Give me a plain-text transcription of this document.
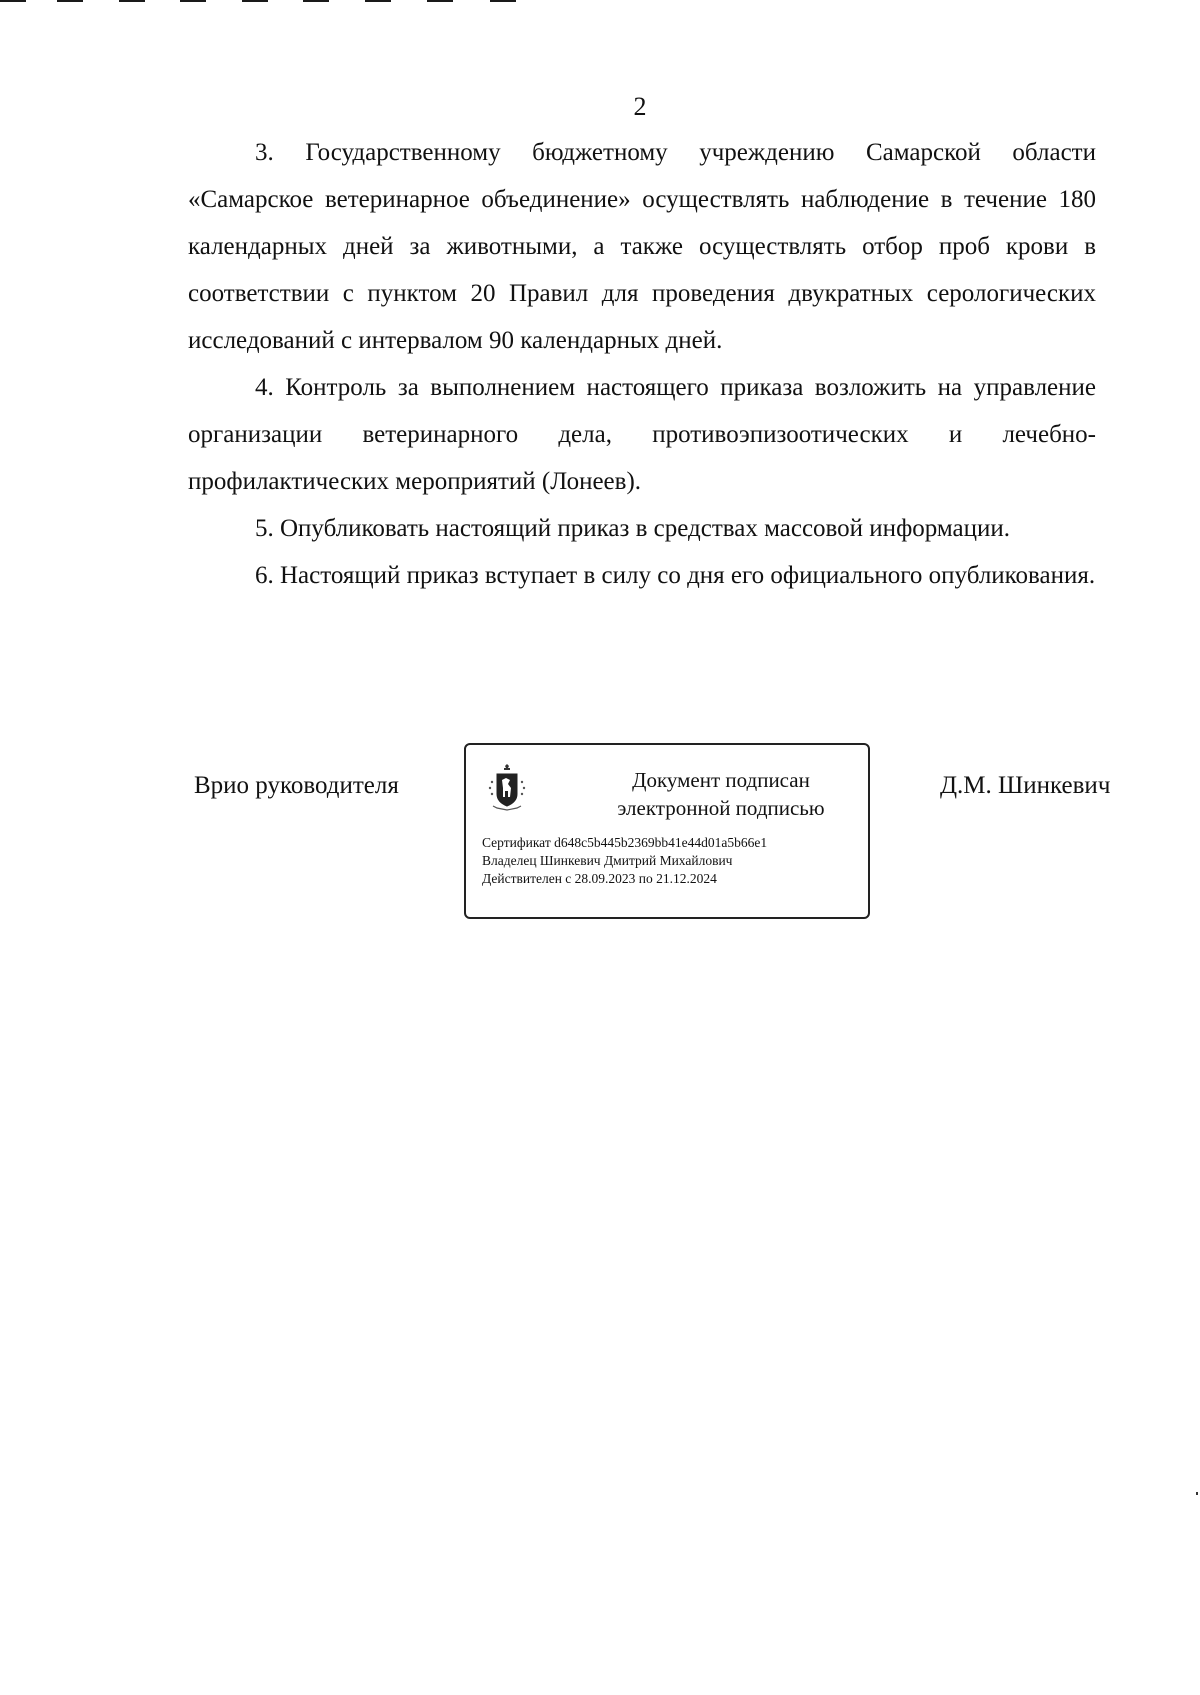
2

3. Государственному бюджетному учреждению Самарской области «Самарское ветеринарное объединение» осуществлять наблюдение в течение 180 календарных дней за животными, а также осуществлять отбор проб крови в соответствии с пунктом 20 Правил для проведения двукратных серологических исследований с интервалом 90 календарных дней.

4. Контроль за выполнением настоящего приказа возложить на управление организации ветеринарного дела, противоэпизоотических и лечебно-профилактических мероприятий (Лонеев).

5. Опубликовать настоящий приказ в средствах массовой информации.

6. Настоящий приказ вступает в силу со дня его официального опубликования.

Врио руководителя	Документ подписан
электронной подписью
Сертификат d648c5b445b2369bb41e44d01a5b66e1
Владелец Шинкевич Дмитрий Михайлович
Действителен с 28.09.2023 по 21.12.2024
Д.М. Шинкевич
